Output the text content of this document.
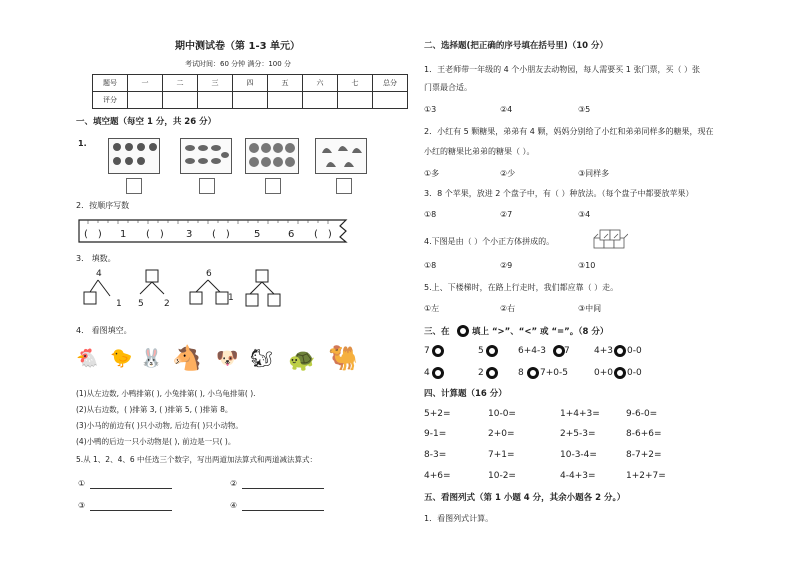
期中测试卷（第 1-3 单元）
考试时间：60 分钟 满分：100 分
题号	一	二	三	四	五	六	七	总分
评分								
一、填空题（每空 1 分，共 26 分）
1.
2．按顺序写数
(　) 1 (　) 3 (　) 5	6 (　)
3． 填数。
4
1 5 2
6
1
4． 看图填空。
🐔 🐤 🐰 🐴 🐶 🐿 🐢 🐫
(1)从左边数, 小鸭排第( ), 小兔排第( ), 小乌龟排第( ).
(2)从右边数，( )排第 3, ( )排第 5, ( )排第 8。
(3)小马的前边有( )只小动物, 后边有( )只小动物。
(4)小鸭的后边一只小动物是( ), 前边是一只( )。
5.从 1、2、4、6 中任选三个数字，写出两道加法算式和两道减法算式：
①	②
③	④
二、选择题(把正确的序号填在括号里)（10 分）
1．王老师带一年级的 4 个小朋友去动物园，每人需要买 1 张门票，买（ ）张
门票最合适。
①3	②4	③5
2．小红有 5 颗糖果，弟弟有 4 颗，妈妈分别给了小红和弟弟同样多的糖果，现在
小红的糖果比弟弟的糖果（ ）。
①多	②少	③同样多
3．8 个苹果，放进 2 个盘子中，有（ ）种放法。（每个盘子中都要放苹果）
①8	②7	③4
4.下图是由（ ）个小正方体拼成的。
①8	②9	③10
5.上、下楼梯时，在路上行走时，我们都应靠（ ）走。
①左	②右	③中间
三、在	填上 “>”、“<” 或 “=”。（8 分）
7	5	6+4-3 7	4+3 0-0
4	2	8 7+0-5	0+0 0-0
四、计算题（16 分）
5+2=	10-0=	1+4+3=	9-6-0=
9-1=	2+0=	2+5-3=	8-6+6=
8-3=	7+1=	10-3-4=	8-7+2=
4+6=	10-2=	4-4+3=	1+2+7=
五、看图列式（第 1 小题 4 分，其余小题各 2 分。）
1．看图列式计算。
